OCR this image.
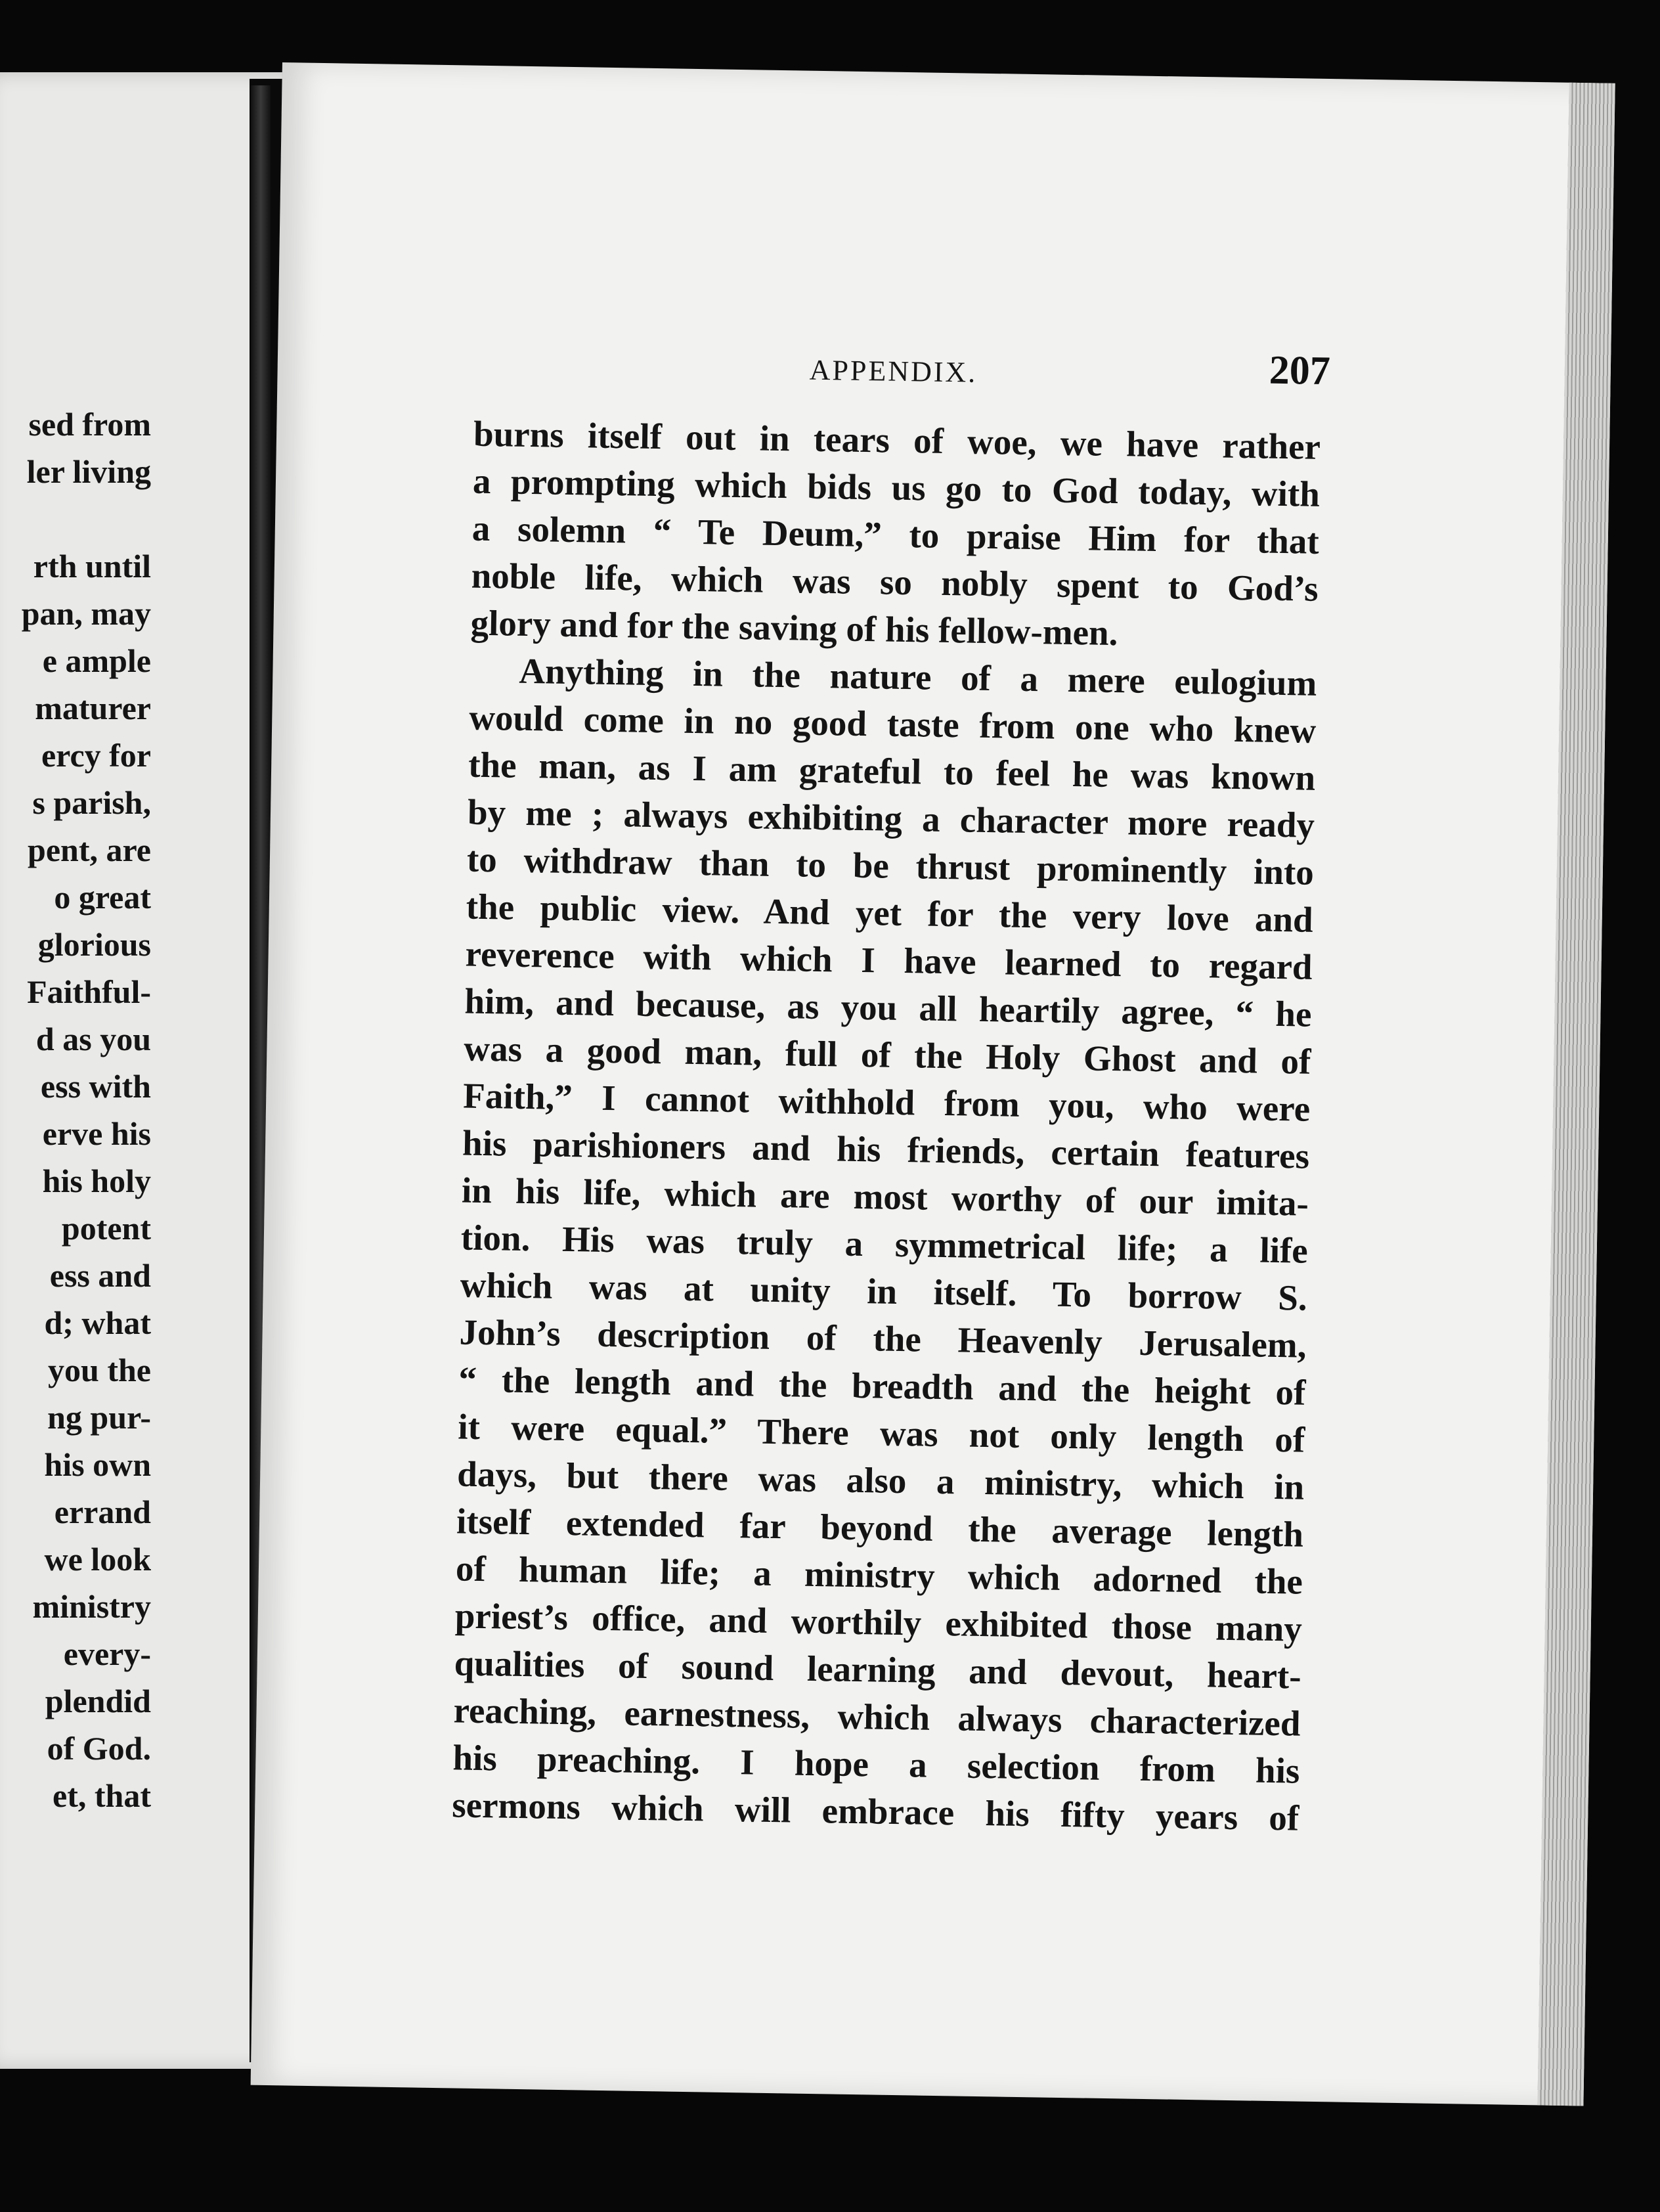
sed from
ler living

rth until
pan, may
e ample
maturer
ercy for
s parish,
pent, are
o great
glorious
Faithful-
d as you
ess with
erve his
his holy
potent
ess and
d; what
you the
ng pur-
his own
errand
we look
ministry
every-
plendid
of God.
et, that
APPENDIX.	207
burns itself out in tears of woe, we have rather
a prompting which bids us go to God today, with
a solemn “ Te Deum,” to praise Him for that
noble life, which was so nobly spent to God’s
glory and for the saving of his fellow-men.
Anything in the nature of a mere eulogium
would come in no good taste from one who knew
the man, as I am grateful to feel he was known
by me ; always exhibiting a character more ready
to withdraw than to be thrust prominently into
the public view. And yet for the very love and
reverence with which I have learned to regard
him, and because, as you all heartily agree, “ he
was a good man, full of the Holy Ghost and of
Faith,” I cannot withhold from you, who were
his parishioners and his friends, certain features
in his life, which are most worthy of our imita-
tion. His was truly a symmetrical life; a life
which was at unity in itself. To borrow S.
John’s description of the Heavenly Jerusalem,
“ the length and the breadth and the height of
it were equal.” There was not only length of
days, but there was also a ministry, which in
itself extended far beyond the average length
of human life; a ministry which adorned the
priest’s office, and worthily exhibited those many
qualities of sound learning and devout, heart-
reaching, earnestness, which always characterized
his preaching. I hope a selection from his
sermons which will embrace his fifty years of
